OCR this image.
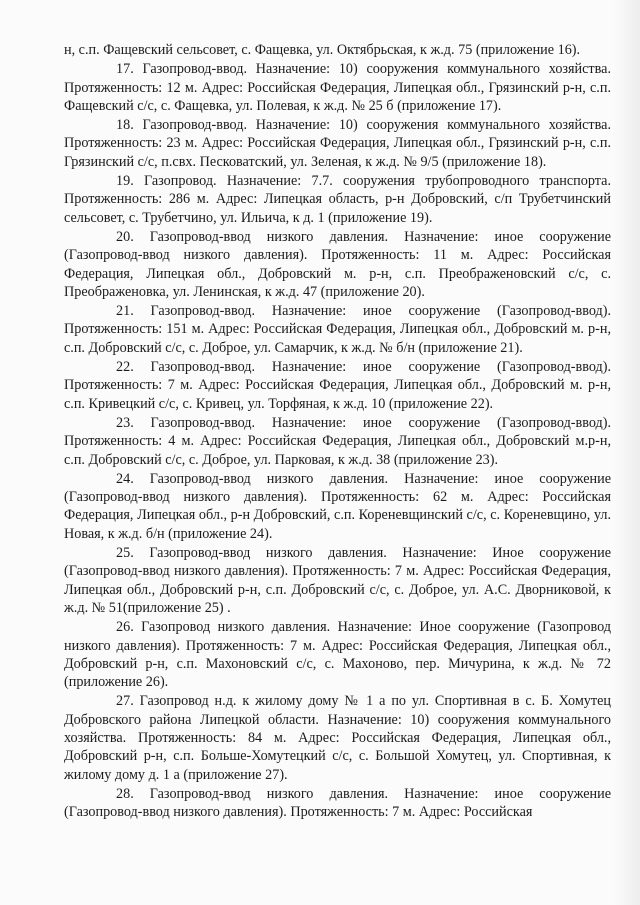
н, с.п. Фащевский сельсовет, с. Фащевка, ул. Октябрьская, к ж.д. 75 (приложение 16).

17. Газопровод-ввод. Назначение: 10) сооружения коммунального хозяйства. Протяженность: 12 м. Адрес: Российская Федерация, Липецкая обл., Грязинский р-н, с.п. Фащевский с/с, с. Фащевка, ул. Полевая, к ж.д. № 25 б (приложение 17).

18. Газопровод-ввод. Назначение: 10) сооружения коммунального хозяйства. Протяженность: 23 м. Адрес: Российская Федерация, Липецкая обл., Грязинский р-н, с.п. Грязинский с/с, п.свх. Песковатский, ул. Зеленая, к ж.д. № 9/5 (приложение 18).

19. Газопровод. Назначение: 7.7. сооружения трубопроводного транспорта. Протяженность: 286 м. Адрес: Липецкая область, р-н Добровский, с/п Трубетчинский сельсовет, с. Трубетчино, ул. Ильича, к д. 1 (приложение 19).

20. Газопровод-ввод низкого давления. Назначение: иное сооружение (Газопровод-ввод низкого давления). Протяженность: 11 м. Адрес: Российская Федерация, Липецкая обл., Добровский м. р-н, с.п. Преображеновский с/с, с. Преображеновка, ул. Ленинская, к ж.д. 47 (приложение 20).

21. Газопровод-ввод. Назначение: иное сооружение (Газопровод-ввод). Протяженность: 151 м. Адрес: Российская Федерация, Липецкая обл., Добровский м. р-н, с.п. Добровский с/с, с. Доброе, ул. Самарчик, к ж.д. № б/н (приложение 21).

22. Газопровод-ввод. Назначение: иное сооружение (Газопровод-ввод). Протяженность: 7 м. Адрес: Российская Федерация, Липецкая обл., Добровский м. р-н, с.п. Кривецкий с/с, с. Кривец, ул. Торфяная, к ж.д. 10 (приложение 22).

23. Газопровод-ввод. Назначение: иное сооружение (Газопровод-ввод). Протяженность: 4 м. Адрес: Российская Федерация, Липецкая обл., Добровский м.р-н, с.п. Добровский с/с, с. Доброе, ул. Парковая, к ж.д. 38 (приложение 23).

24. Газопровод-ввод низкого давления. Назначение: иное сооружение (Газопровод-ввод низкого давления). Протяженность: 62 м. Адрес: Российская Федерация, Липецкая обл., р-н Добровский, с.п. Кореневщинский с/с, с. Кореневщино, ул. Новая, к ж.д. б/н (приложение 24).

25. Газопровод-ввод низкого давления. Назначение: Иное сооружение (Газопровод-ввод низкого давления). Протяженность: 7 м. Адрес: Российская Федерация, Липецкая обл., Добровский р-н, с.п. Добровский с/с, с. Доброе, ул. А.С. Дворниковой, к ж.д. № 51(приложение 25) .

26. Газопровод низкого давления. Назначение: Иное сооружение (Газопровод низкого давления). Протяженность: 7 м. Адрес: Российская Федерация, Липецкая обл., Добровский р-н, с.п. Махоновский с/с, с. Махоново, пер. Мичурина, к ж.д. № 72 (приложение 26).

27. Газопровод н.д. к жилому дому № 1 а по ул. Спортивная в с. Б. Хомутец Добровского района Липецкой области. Назначение: 10) сооружения коммунального хозяйства. Протяженность: 84 м. Адрес: Российская Федерация, Липецкая обл., Добровский р-н, с.п. Больше-Хомутецкий с/с, с. Большой Хомутец, ул. Спортивная, к жилому дому д. 1 а (приложение 27).

28. Газопровод-ввод низкого давления. Назначение: иное сооружение (Газопровод-ввод низкого давления). Протяженность: 7 м. Адрес: Российская
